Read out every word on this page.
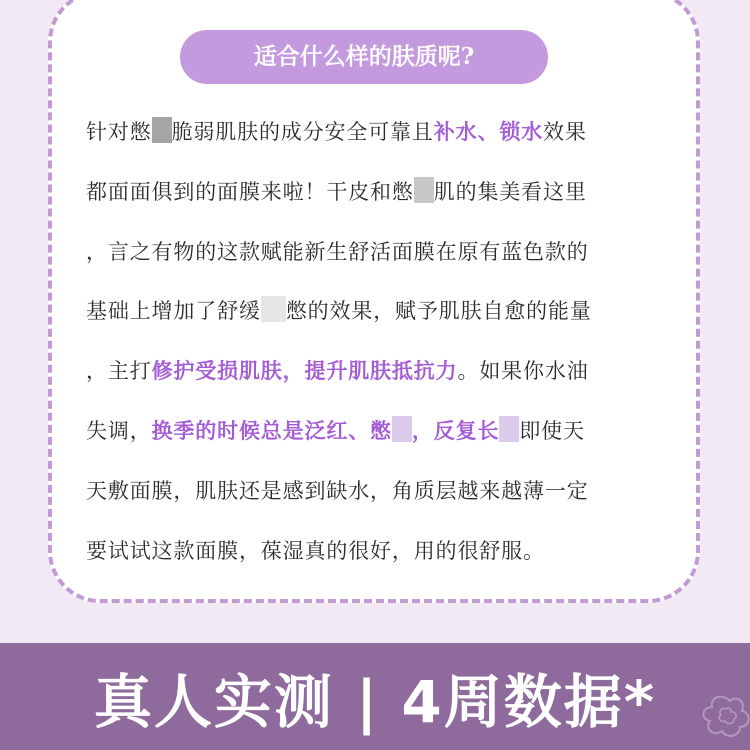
适合什么样的肤质呢?

针对憋 脆弱肌肤的成分安全可靠且补水、锁水效果
都面面俱到的面膜来啦！干皮和憋 肌的集美看这里
，言之有物的这款赋能新生舒活面膜在原有蓝色款的
基础上增加了舒缓 憋的效果，赋予肌肤自愈的能量
，主打修护受损肌肤，提升肌肤抵抗力。如果你水油
失调，换季的时候总是泛红、憋 ，反复长 即使天
天敷面膜，肌肤还是感到缺水，角质层越来越薄一定
要试试这款面膜，葆湿真的很好，用的很舒服。

真人实测 | 4周数据*
